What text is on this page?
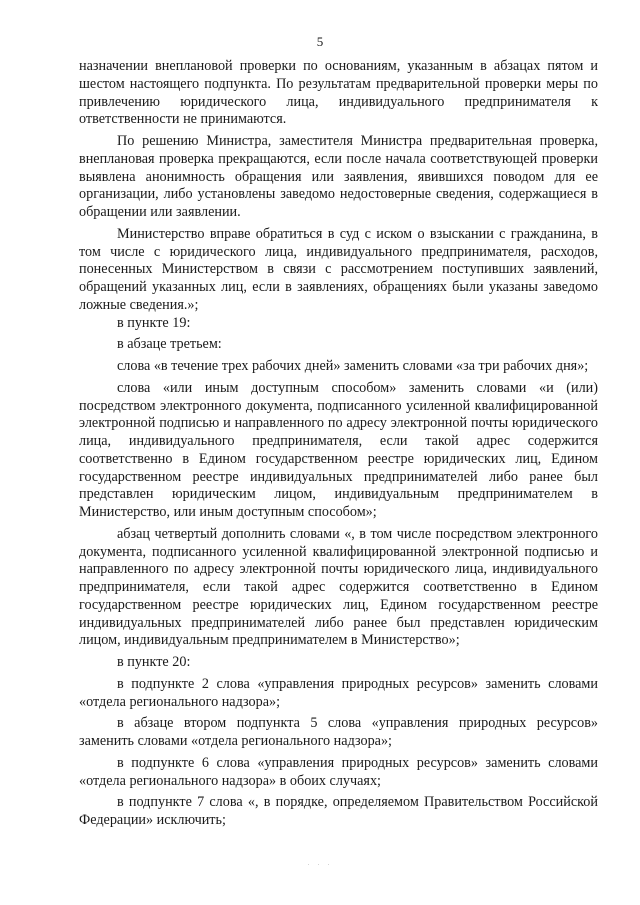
5

назначении внеплановой проверки по основаниям, указанным в абзацах пятом и шестом настоящего подпункта. По результатам предварительной проверки меры по привлечению юридического лица, индивидуального предпринимателя к ответственности не принимаются.

По решению Министра, заместителя Министра предварительная проверка, внеплановая проверка прекращаются, если после начала соответствующей проверки выявлена анонимность обращения или заявления, явившихся поводом для ее организации, либо установлены заведомо недостоверные сведения, содержащиеся в обращении или заявлении.

Министерство вправе обратиться в суд с иском о взыскании с гражданина, в том числе с юридического лица, индивидуального предпринимателя, расходов, понесенных Министерством в связи с рассмотрением поступивших заявлений, обращений указанных лиц, если в заявлениях, обращениях были указаны заведомо ложные сведения.»;

в пункте 19:

в абзаце третьем:

слова «в течение трех рабочих дней» заменить словами «за три рабочих дня»;

слова «или иным доступным способом» заменить словами «и (или) посредством электронного документа, подписанного усиленной квалифицированной электронной подписью и направленного по адресу электронной почты юридического лица, индивидуального предпринимателя, если такой адрес содержится соответственно в Едином государственном реестре юридических лиц, Едином государственном реестре индивидуальных предпринимателей либо ранее был представлен юридическим лицом, индивидуальным предпринимателем в Министерство, или иным доступным способом»;

абзац четвертый дополнить словами «, в том числе посредством электронного документа, подписанного усиленной квалифицированной электронной подписью и направленного по адресу электронной почты юридического лица, индивидуального предпринимателя, если такой адрес содержится соответственно в Едином государственном реестре юридических лиц, Едином государственном реестре индивидуальных предпринимателей либо ранее был представлен юридическим лицом, индивидуальным предпринимателем в Министерство»;

в пункте 20:

в подпункте 2 слова «управления природных ресурсов» заменить словами «отдела регионального надзора»;

в абзаце втором подпункта 5 слова «управления природных ресурсов» заменить словами «отдела регионального надзора»;

в подпункте 6 слова «управления природных ресурсов» заменить словами «отдела регионального надзора» в обоих случаях;

в подпункте 7 слова «, в порядке, определяемом Правительством Российской Федерации» исключить;

. . .
